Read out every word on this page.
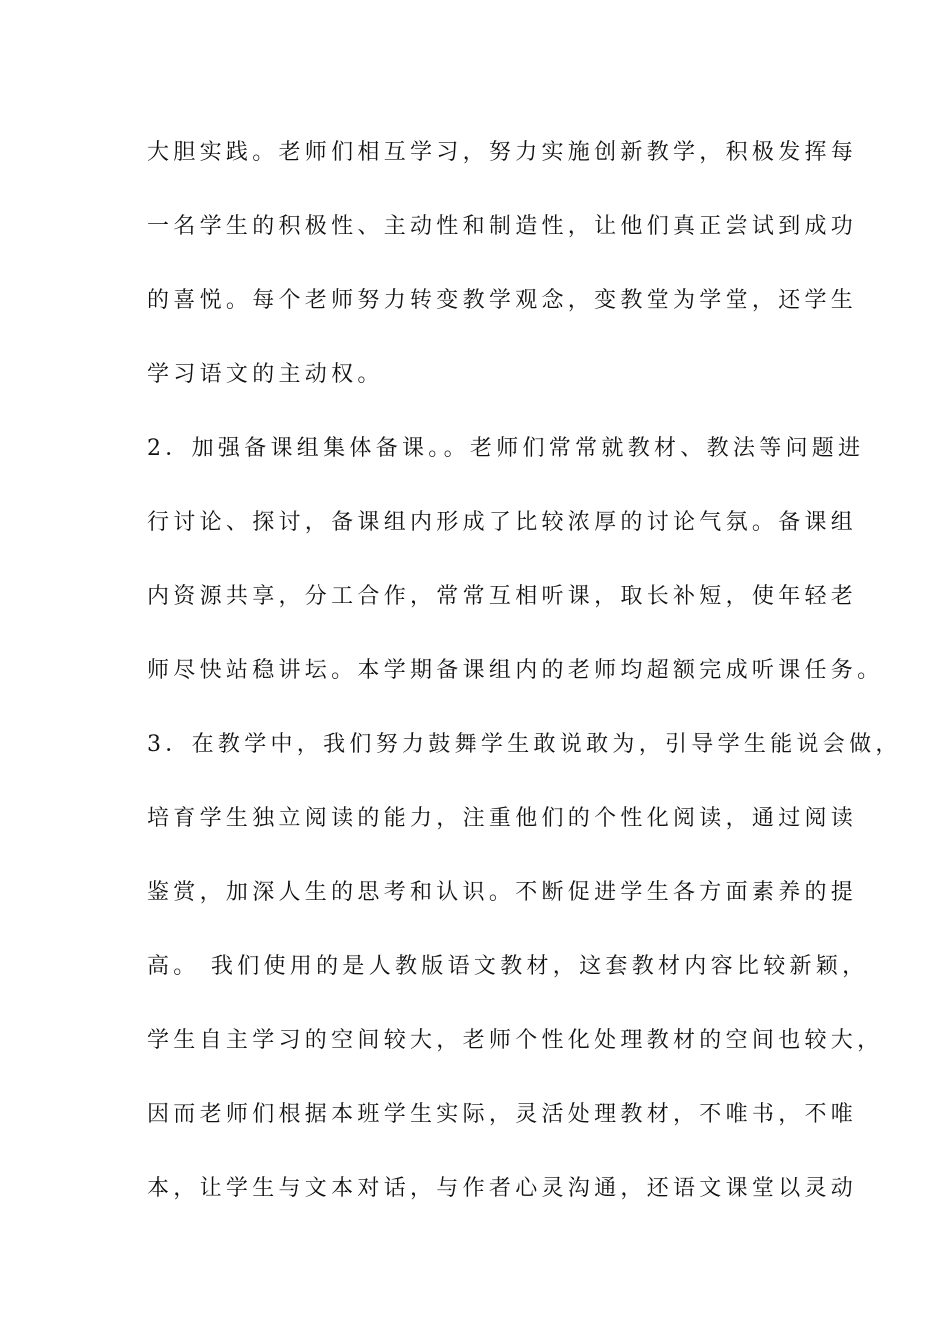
大胆实践。老师们相互学习，努力实施创新教学，积极发挥每
一名学生的积极性、主动性和制造性，让他们真正尝试到成功
的喜悦。每个老师努力转变教学观念，变教堂为学堂，还学生
学习语文的主动权。
2．加强备课组集体备课。。老师们常常就教材、教法等问题进
行讨论、探讨，备课组内形成了比较浓厚的讨论气氛。备课组
内资源共享，分工合作，常常互相听课，取长补短，使年轻老
师尽快站稳讲坛。本学期备课组内的老师均超额完成听课任务。
3．在教学中，我们努力鼓舞学生敢说敢为，引导学生能说会做，
培育学生独立阅读的能力，注重他们的个性化阅读，通过阅读
鉴赏，加深人生的思考和认识。不断促进学生各方面素养的提
高。 我们使用的是人教版语文教材，这套教材内容比较新颖，
学生自主学习的空间较大，老师个性化处理教材的空间也较大，
因而老师们根据本班学生实际，灵活处理教材，不唯书，不唯
本，让学生与文本对话，与作者心灵沟通，还语文课堂以灵动
